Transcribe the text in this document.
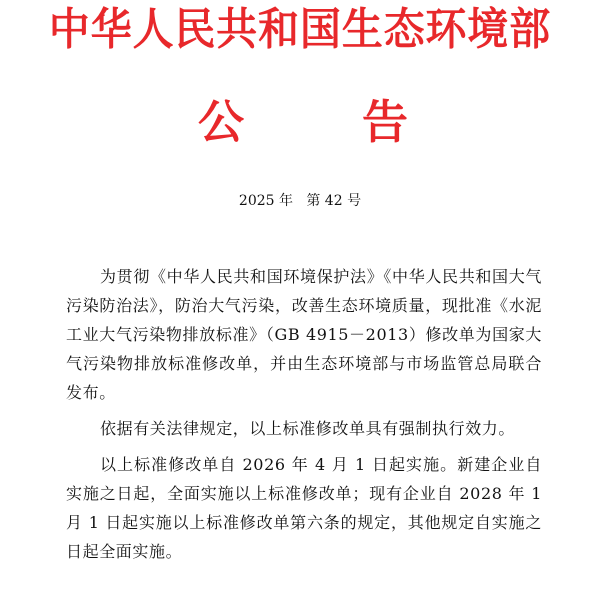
中华人民共和国生态环境部
公	告
2025 年   第 42 号

为贯彻《中华人民共和国环境保护法》《中华人民共和国大气污染防治法》，防治大气污染，改善生态环境质量，现批准《水泥工业大气污染物排放标准》（GB 4915－2013）修改单为国家大气污染物排放标准修改单，并由生态环境部与市场监管总局联合发布。

依据有关法律规定，以上标准修改单具有强制执行效力。

以上标准修改单自 2026 年 4 月 1 日起实施。新建企业自实施之日起，全面实施以上标准修改单；现有企业自 2028 年 1 月 1 日起实施以上标准修改单第六条的规定，其他规定自实施之日起全面实施。
